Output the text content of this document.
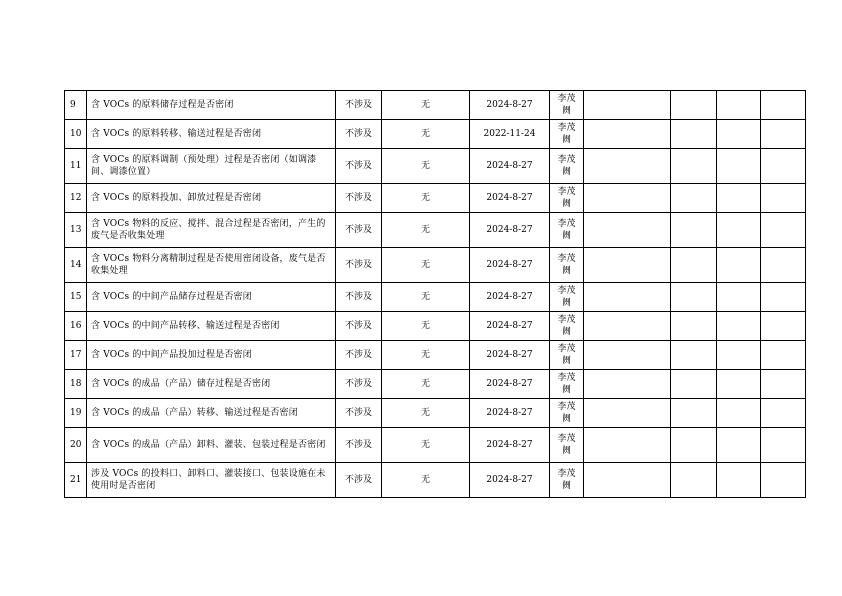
9	含 VOCs 的原料储存过程是否密闭	不涉及	无	2024-8-27	李茂
阓				
10	含 VOCs 的原料转移、输送过程是否密闭	不涉及	无	2022-11-24	李茂
阓				
11	含 VOCs 的原料调制（预处理）过程是否密闭（如调漆间、调漆位置）	不涉及	无	2024-8-27	李茂
阓				
12	含 VOCs 的原料投加、卸放过程是否密闭	不涉及	无	2024-8-27	李茂
阓				
13	含 VOCs 物料的反应、搅拌、混合过程是否密闭，产生的废气是否收集处理	不涉及	无	2024-8-27	李茂
阓				
14	含 VOCs 物料分离精制过程是否使用密闭设备，废气是否收集处理	不涉及	无	2024-8-27	李茂
阓				
15	含 VOCs 的中间产品储存过程是否密闭	不涉及	无	2024-8-27	李茂
阓				
16	含 VOCs 的中间产品转移、输送过程是否密闭	不涉及	无	2024-8-27	李茂
阓				
17	含 VOCs 的中间产品投加过程是否密闭	不涉及	无	2024-8-27	李茂
阓				
18	含 VOCs 的成品（产品）储存过程是否密闭	不涉及	无	2024-8-27	李茂
阓				
19	含 VOCs 的成品（产品）转移、输送过程是否密闭	不涉及	无	2024-8-27	李茂
阓				
20	含 VOCs 的成品（产品）卸料、灌装、包装过程是否密闭	不涉及	无	2024-8-27	李茂
阓				
21	涉及 VOCs 的投料口、卸料口、灌装接口、包装设施在未使用时是否密闭	不涉及	无	2024-8-27	李茂
阓				
